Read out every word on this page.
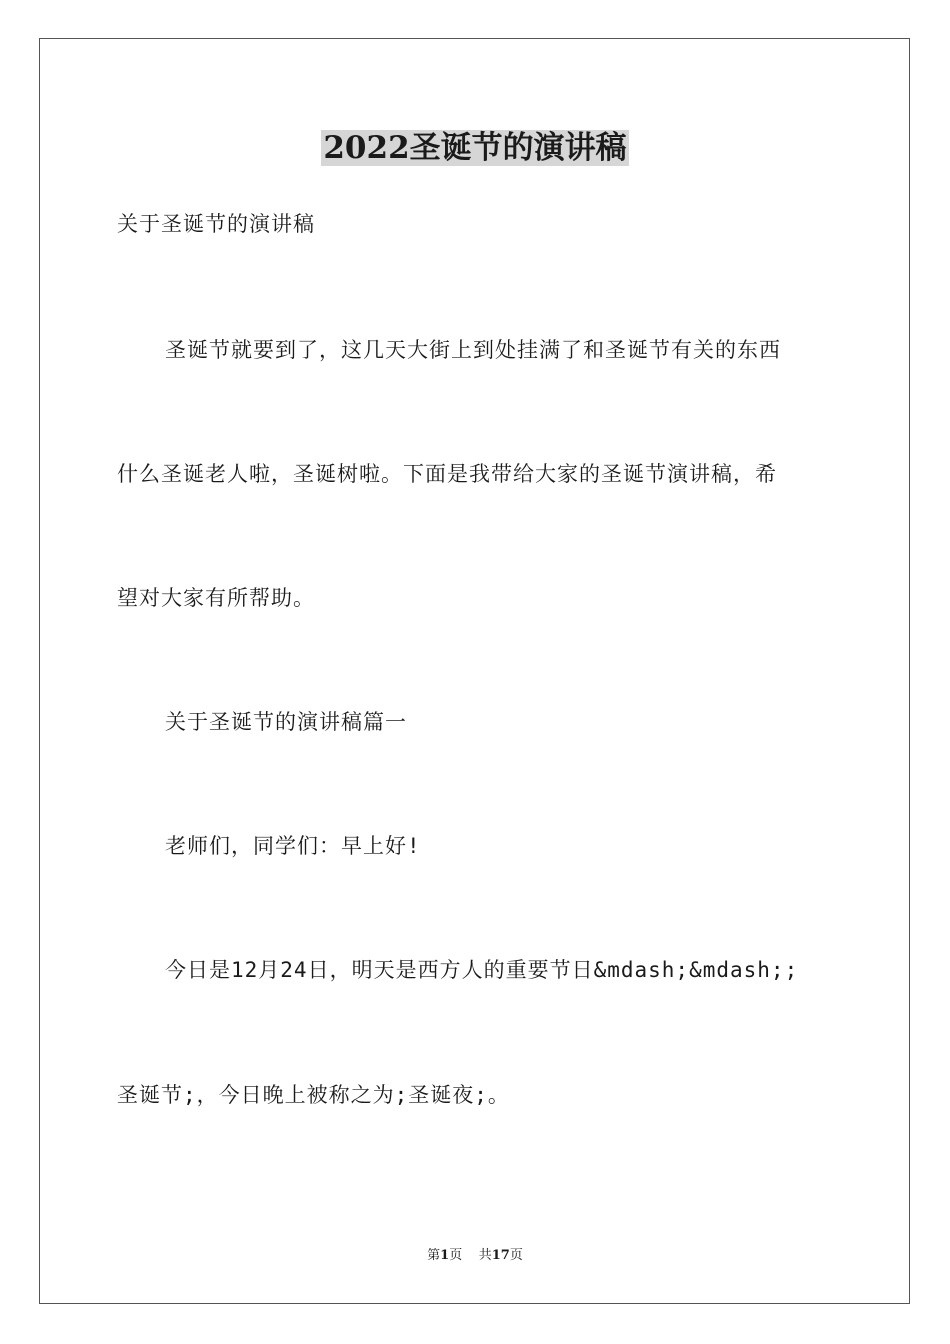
2022圣诞节的演讲稿
关于圣诞节的演讲稿
圣诞节就要到了，这几天大街上到处挂满了和圣诞节有关的东西
什么圣诞老人啦，圣诞树啦。下面是我带给大家的圣诞节演讲稿，希
望对大家有所帮助。
关于圣诞节的演讲稿篇一
老师们，同学们：早上好!
今日是12月24日，明天是西方人的重要节日&mdash;&mdash;;
圣诞节;，今日晚上被称之为;圣诞夜;。
第1页 共17页
